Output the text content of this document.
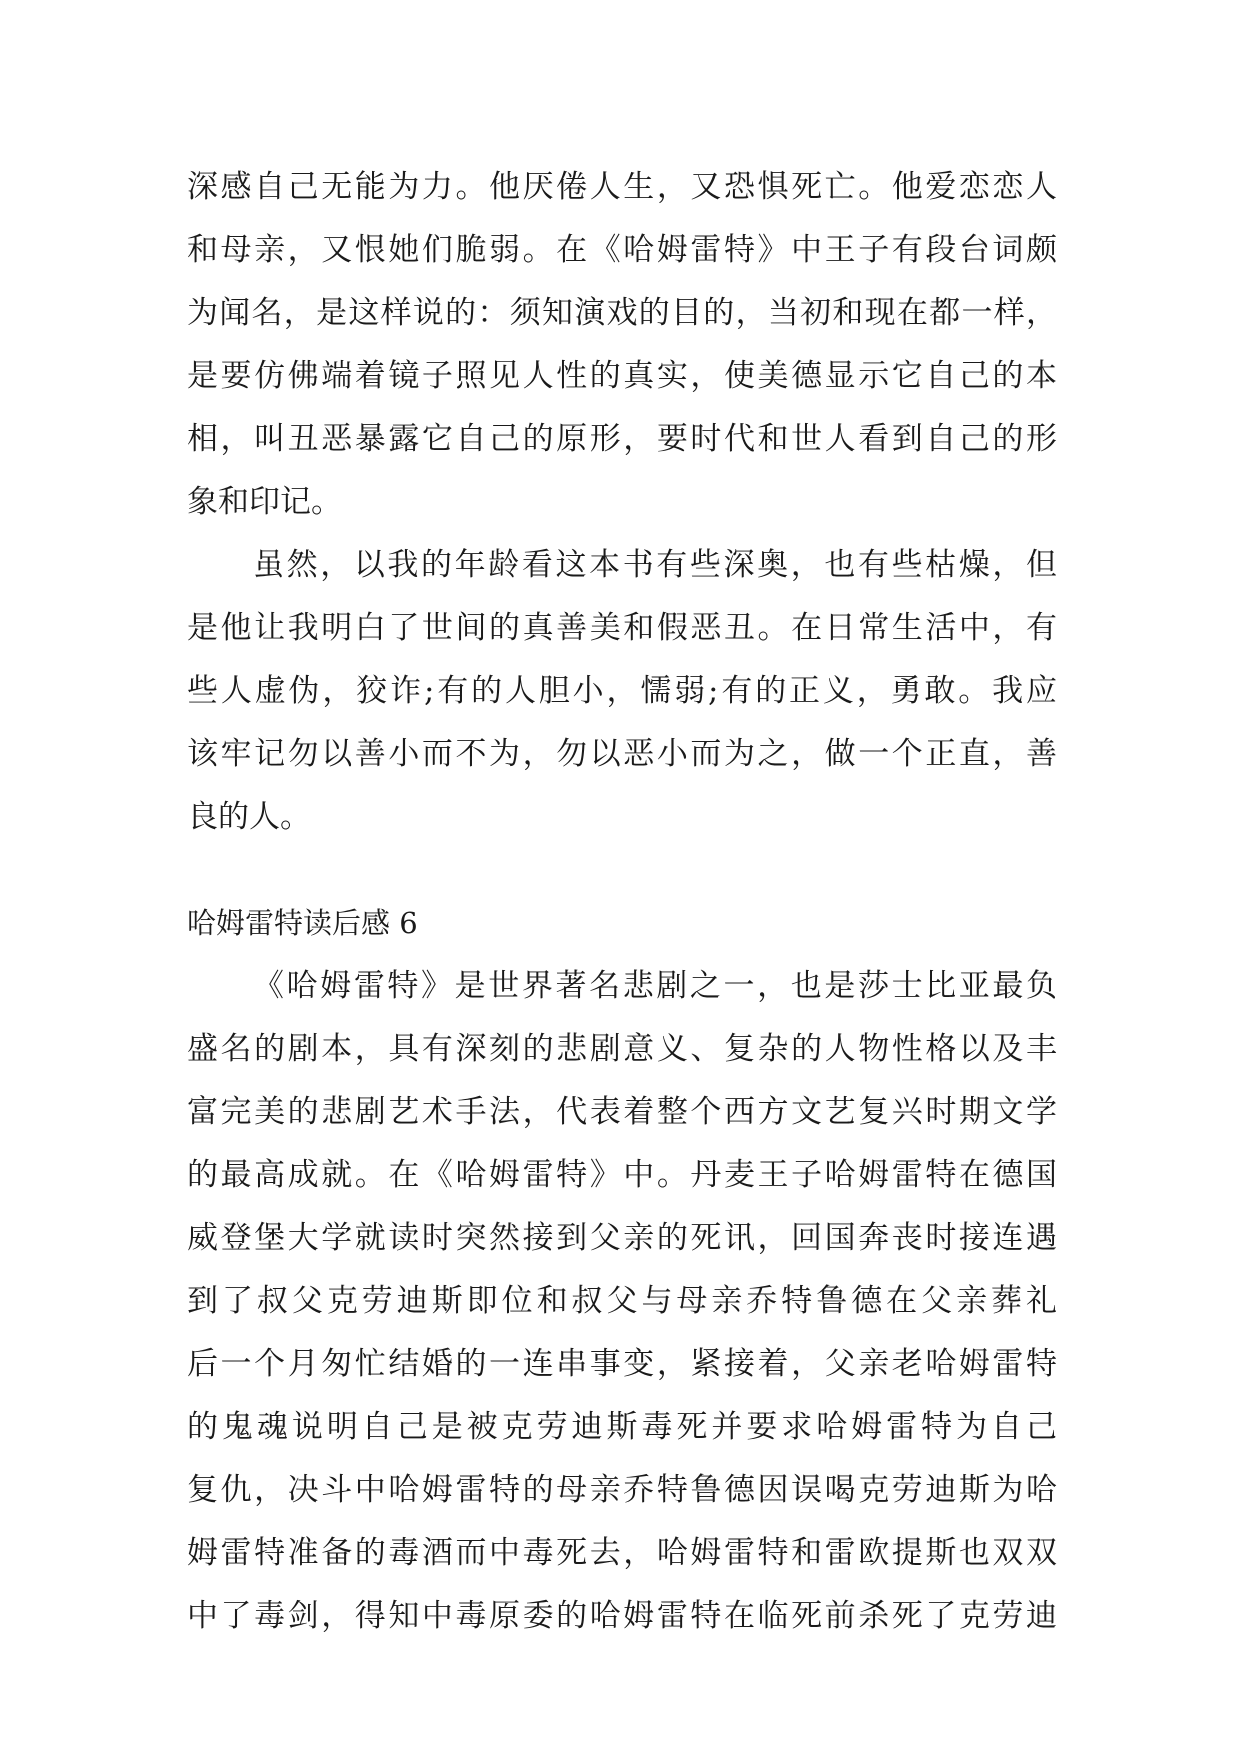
深感自己无能为力。他厌倦人生，又恐惧死亡。他爱恋恋人
和母亲，又恨她们脆弱。在《哈姆雷特》中王子有段台词颇
为闻名，是这样说的：须知演戏的目的，当初和现在都一样，
是要仿佛端着镜子照见人性的真实，使美德显示它自己的本
相，叫丑恶暴露它自己的原形，要时代和世人看到自己的形
象和印记。
虽然，以我的年龄看这本书有些深奥，也有些枯燥，但
是他让我明白了世间的真善美和假恶丑。在日常生活中，有
些人虚伪，狡诈;有的人胆小，懦弱;有的正义，勇敢。我应
该牢记勿以善小而不为，勿以恶小而为之，做一个正直，善
良的人。
哈姆雷特读后感 6
《哈姆雷特》是世界著名悲剧之一，也是莎士比亚最负
盛名的剧本，具有深刻的悲剧意义、复杂的人物性格以及丰
富完美的悲剧艺术手法，代表着整个西方文艺复兴时期文学
的最高成就。在《哈姆雷特》中。丹麦王子哈姆雷特在德国
威登堡大学就读时突然接到父亲的死讯，回国奔丧时接连遇
到了叔父克劳迪斯即位和叔父与母亲乔特鲁德在父亲葬礼
后一个月匆忙结婚的一连串事变，紧接着，父亲老哈姆雷特
的鬼魂说明自己是被克劳迪斯毒死并要求哈姆雷特为自己
复仇，决斗中哈姆雷特的母亲乔特鲁德因误喝克劳迪斯为哈
姆雷特准备的毒酒而中毒死去，哈姆雷特和雷欧提斯也双双
中了毒剑，得知中毒原委的哈姆雷特在临死前杀死了克劳迪
